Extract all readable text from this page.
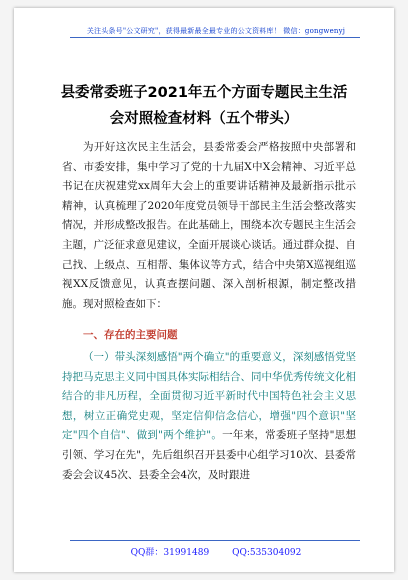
关注头条号"公文研究"，获得最新最全最专业的公文资料库！ 微信：gongwenyj
县委常委班子2021年五个方面专题民主生活会对照检查材料（五个带头）

为开好这次民主生活会，县委常委会严格按照中央部署和省、市委安排，集中学习了党的十九届X中X会精神、习近平总书记在庆祝建党xx周年大会上的重要讲话精神及最新指示批示精神，认真梳理了2020年度党员领导干部民主生活会整改落实情况，并形成整改报告。在此基础上，围绕本次专题民主生活会主题，广泛征求意见建议，全面开展谈心谈话。通过群众提、自己找、上级点、互相帮、集体议等方式，结合中央第X巡视组巡视XX反馈意见，认真查摆问题、深入剖析根源，制定整改措施。现对照检查如下：

一、存在的主要问题

（一）带头深刻感悟"两个确立"的重要意义，深刻感悟党坚持把马克思主义同中国具体实际相结合、同中华优秀传统文化相结合的非凡历程，全面贯彻习近平新时代中国特色社会主义思想，树立正确党史观，坚定信仰信念信心，增强"四个意识"坚定"四个自信"、做到"两个维护"。一年来，常委班子坚持"思想引领、学习在先"，先后组织召开县委中心组学习10次、县委常委会会议45次、县委全会4次，及时跟进

QQ群：31991489	QQ:535304092
